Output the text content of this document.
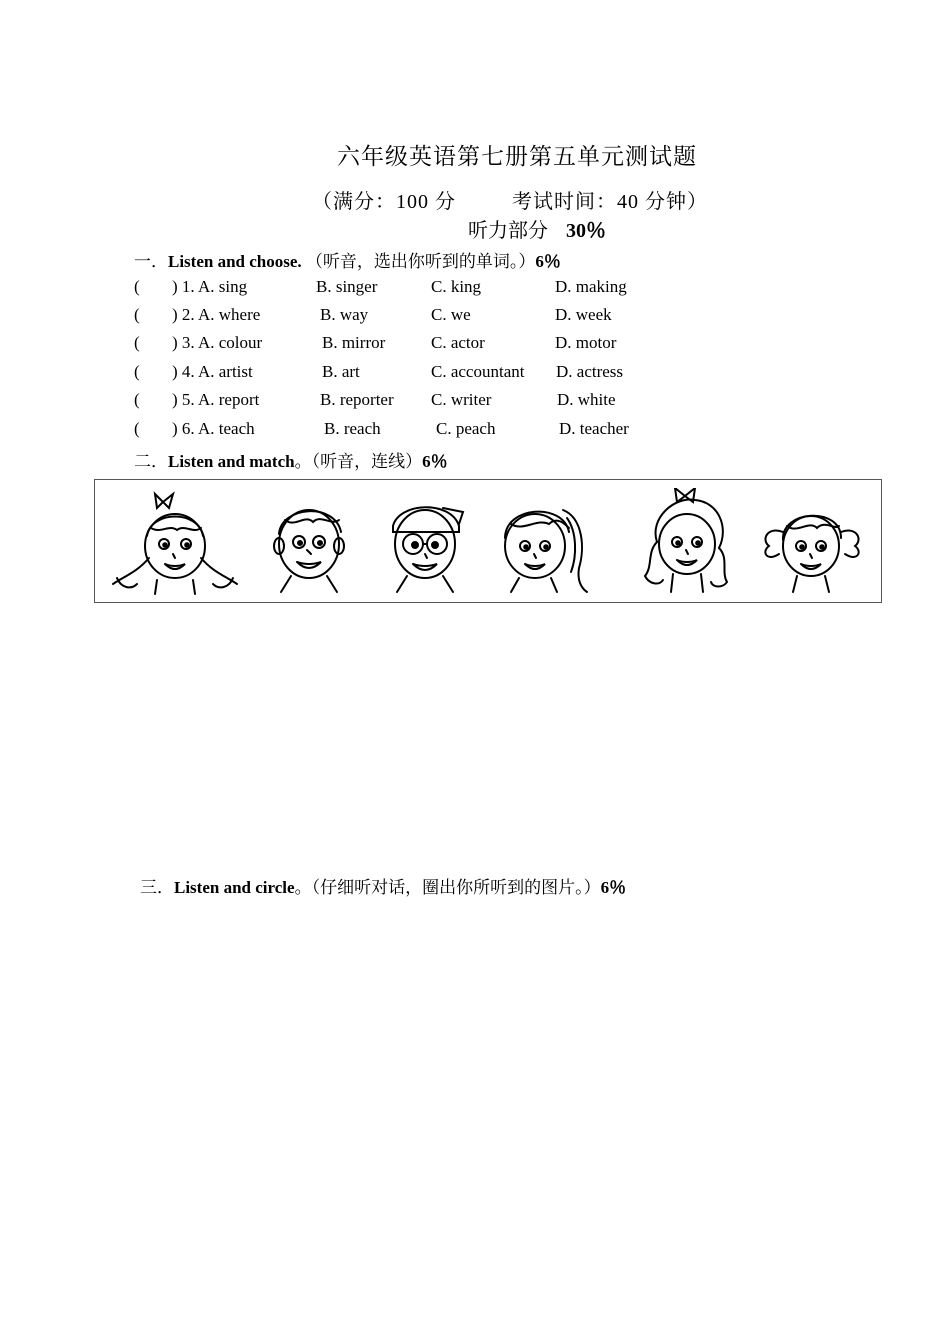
六年级英语第七册第五单元测试题
（满分：100 分	考试时间：40 分钟）
听力部分 30％
一．Listen and choose. （听音，选出你听到的单词。）6％
( ) 1. A. sing	B. singer	C. king	D. making
( ) 2. A. where	B. way	C. we	D. week
( ) 3. A. colour	B. mirror	C. actor	D. motor
( ) 4. A. artist	B. art	C. accountant D. actress
( ) 5. A. report	B. reporter C. writer	D. white
( ) 6. A. teach	B. reach	C. peach	D. teacher
二．Listen and match。（听音，连线）6％
三．Listen and circle。（仔细听对话，圈出你所听到的图片。）6％
